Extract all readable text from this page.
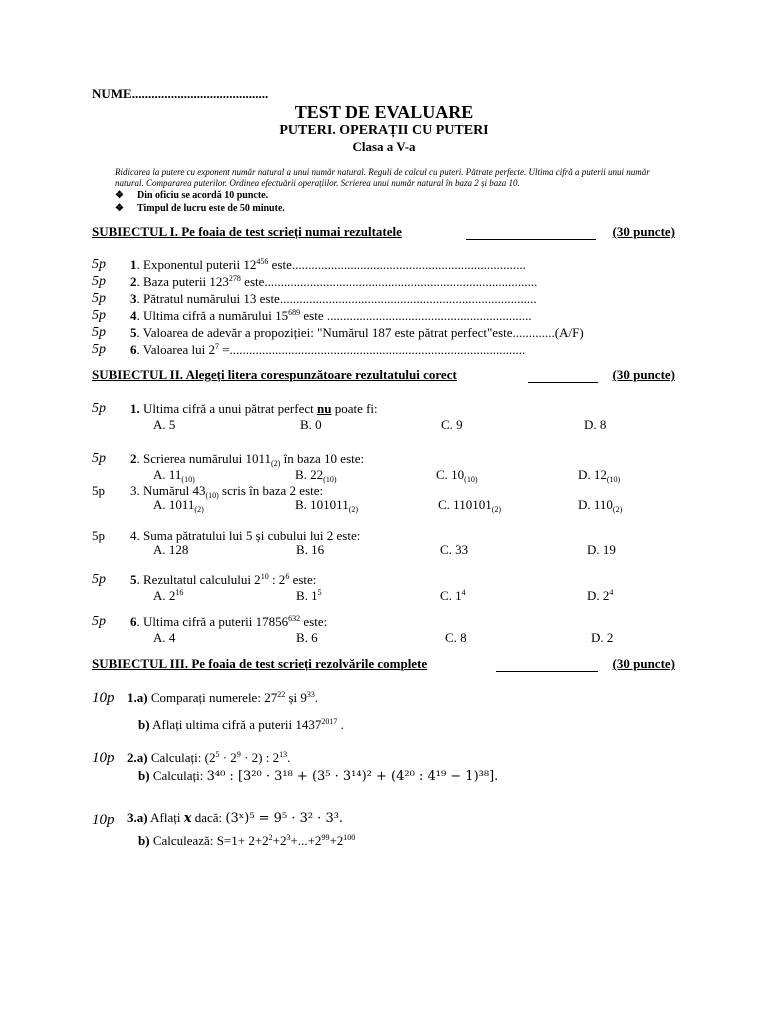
NUME..........................................
TEST DE EVALUARE
PUTERI. OPERAȚII CU PUTERI
Clasa a V-a
Ridicarea la putere cu exponent număr natural a unui număr natural. Reguli de calcul cu puteri. Pătrate perfecte. Ultima cifră a puterii unui număr natural. Compararea puterilor. Ordinea efectuării operațiilor. Scrierea unui număr natural în baza 2 și baza 10.
❖ Din oficiu se acordă 10 puncte.
❖ Timpul de lucru este de 50 minute.
SUBIECTUL I. Pe foaia de test scrieți numai rezultatele	(30 puncte)
5p 1. Exponentul puterii $12^{456}$ este........................................................................
5p 2. Baza puterii $123^{278}$ este....................................................................................
5p 3. Pătratul numărului 13 este...............................................................................
5p 4. Ultima cifră a numărului $15^{689}$ este ...............................................................
5p 5. Valoarea de adevăr a propoziției: "Numărul 187 este pătrat perfect"este.............(A/F)
5p 6. Valoarea lui $2^7$ =...........................................................................................
SUBIECTUL II. Alegeți litera corespunzătoare rezultatului corect	(30 puncte)
5p 1. Ultima cifră a unui pătrat perfect nu poate fi:
A. 5	B. 0	C. 9	D. 8
5p 2. Scrierea numărului $1011_{(2)}$ în baza 10 este:
A. $11_{(10)}$	B. $22_{(10)}$	C. $10_{(10)}$	D. $12_{(10)}$
5p 3. Numărul $43_{(10)}$ scris în baza 2 este:
A. $1011_{(2)}$	B. $101011_{(2)}$	C. $110101_{(2)}$	D. $110_{(2)}$
5p 4. Suma pătratului lui 5 și cubului lui 2 este:
A. 128	B. 16	C. 33	D. 19
5p 5. Rezultatul calculului $2^{10}$ : $2^6$ este:
A. $2^{16}$	B. $1^5$	C. $1^4$	D. $2^4$
5p 6. Ultima cifră a puterii 17856$^{632}$ este:
A. 4	B. 6	C. 8	D. 2
SUBIECTUL III. Pe foaia de test scrieți rezolvările complete	(30 puncte)
10p 1.a) Comparați numerele: $27^{22}$ și $9^{33}$.
b) Aflați ultima cifră a puterii $1437^{2017}$ .
10p 2.a) Calculați: $(2^5 \cdot 2^9 \cdot 2)$ : $2^{13}$.
b) Calculați: 3⁴⁰ : [3²⁰ · 3¹⁸ + (3⁵ · 3¹⁴)² + (4²⁰ : 4¹⁹ − 1)³⁸].
10p 3.a) Aflați x dacă: (3ˣ)⁵ = 9⁵ · 3² · 3³.
b) Calculează: $S=1+ 2+2^2+2^3+...+2^{99}+2^{100}$
